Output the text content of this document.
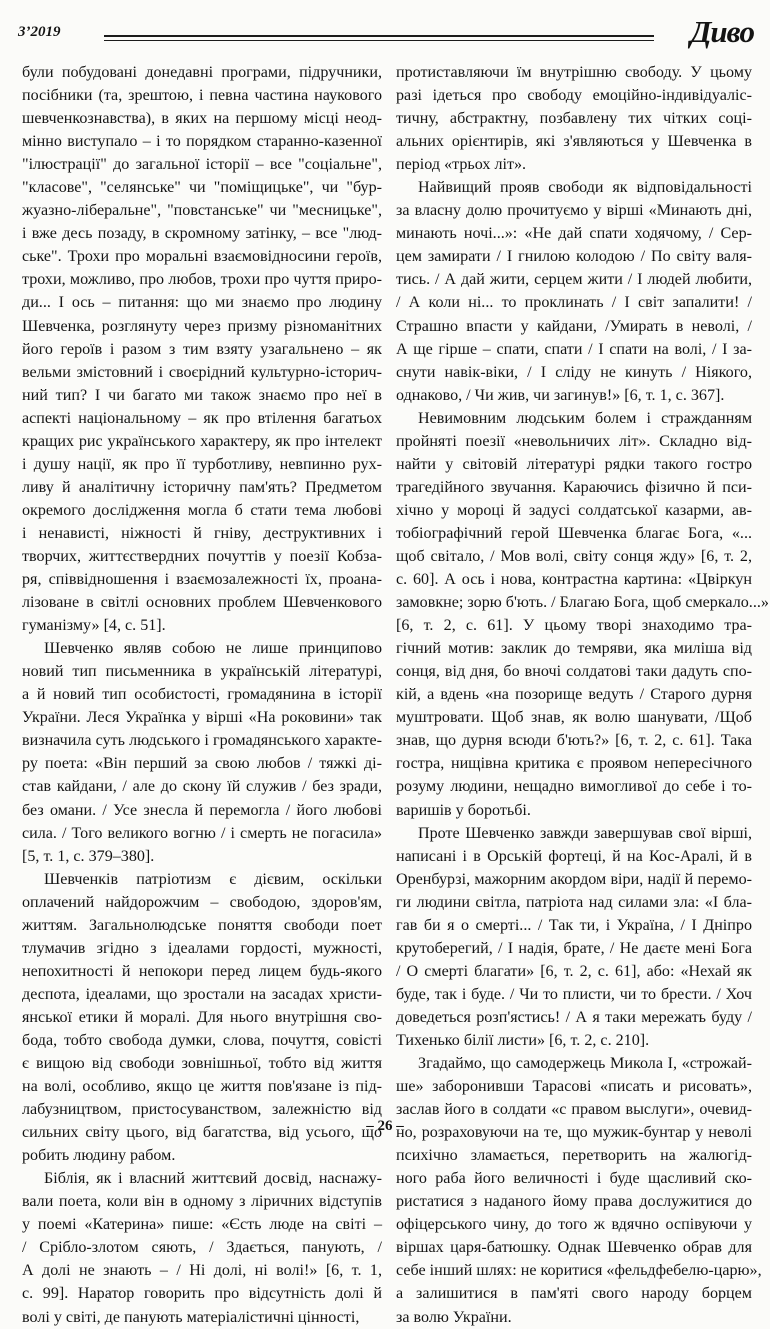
3’2019	Дивo

були побудовані донедавні програми, підручники,
посібники (та, зрештою, і певна частина наукового
шевченкознавства), в яких на першому місці неод-
мінно виступало – і то порядком старанно-казенної
"ілюстрації" до загальної історії – все "соціальне",
"класове", "селянське" чи "поміщицьке", чи "бур-
жуазно-ліберальне", "повстанське" чи "месницьке",
і вже десь позаду, в скромному затінку, – все "люд-
ське". Трохи про моральні взаємовідносини героїв,
трохи, можливо, про любов, трохи про чуття приро-
ди... І ось – питання: що ми знаємо про людину
Шевченка, розглянуту через призму різноманітних
його героїв і разом з тим взяту узагальнено – як
вельми змістовний і своєрідний культурно-історич-
ний тип? І чи багато ми також знаємо про неї в
аспекті національному – як про втілення багатьох
кращих рис українського характеру, як про інтелект
і душу нації, як про її турботливу, невпинно рух-
ливу й аналітичну історичну пам'ять? Предметом
окремого дослідження могла б стати тема любові
і ненависті, ніжності й гніву, деструктивних і
творчих, життєствердних почуттів у поезії Кобза-
ря, співвідношення і взаємозалежності їх, проана-
лізоване в світлі основних проблем Шевченкового
гуманізму» [4, с. 51].

Шевченко являв собою не лише принципово
новий тип письменника в українській літературі,
а й новий тип особистості, громадянина в історії
України. Леся Українка у вірші «На роковини» так
визначила суть людського і громадянського характе-
ру поета: «Він перший за свою любов / тяжкі ді-
став кайдани, / але до скону їй служив / без зради,
без омани. / Усе знесла й перемогла / його любові
сила. / Того великого вогню / і смерть не погасила»
[5, т. 1, с. 379–380].

Шевченків патріотизм є дієвим, оскільки
оплачений найдорожчим – свободою, здоров'ям,
життям. Загальнолюдське поняття свободи поет
тлумачив згідно з ідеалами гордості, мужності,
непохитності й непокори перед лицем будь-якого
деспота, ідеалами, що зростали на засадах христи-
янської етики й моралі. Для нього внутрішня сво-
бода, тобто свобода думки, слова, почуття, cовісті
є вищою від свободи зовнішньої, тобто від життя
на волі, особливо, якщо це життя пов'язане із під-
лабузництвом, пристосуванством, залежністю від
сильних світу цього, від багатства, від усього, що
робить людину рабом.

Біблія, як і власний життєвий досвід, наснажу-
вали поета, коли він в одному з ліричних відступів
у поемі «Катерина» пише: «Єсть люде на світі –
/ Срібло-злотом сяють, / Здається, панують, /
А долі не знають – / Ні долі, ні волі!» [6, т. 1,
с. 99]. Наратор говорить про відсутність долі й
волі у світі, де панують матеріалістичні цінності,

протиставляючи їм внутрішню свободу. У цьому
разі ідеться про свободу емоційно-індивідуаліс-
тичну, абстрактну, позбавлену тих чітких соці-
альних орієнтирів, які з'являються у Шевченка в
період «трьох літ».

Найвищий прояв свободи як відповідальності
за власну долю прочитуємо у вірші «Минають дні,
минають ночі...»: «Не дай спати ходячому, / Сер-
цем замирати / І гнилою колодою / По світу валя-
тись. / А дай жити, серцем жити / І людей любити,
/ А коли ні... то проклинать / І світ запалити! /
Страшно впасти у кайдани, /Умирать в неволі, /
А ще гірше – спати, спати / І спати на волі, / І за-
снути навік-віки, / І сліду не кинуть / Ніякого,
однаково, / Чи жив, чи загинув!» [6, т. 1, с. 367].

Невимовним людським болем і стражданням
пройняті поезії «невольничих літ». Складно від-
найти у світовій літературі рядки такого гостро
трагедійного звучання. Караючись фізично й пси-
хічно у мороці й задусі солдатської казарми, ав-
тобіографічний герой Шевченка благає Бога, «...
щоб світало, / Мов волі, світу сонця жду» [6, т. 2,
с. 60]. А ось і нова, контрастна картина: «Цвіркун
замовкне; зорю б'ють. / Благаю Бога, щоб смеркало...»
[6, т. 2, с. 61]. У цьому творі знаходимо тра-
гічний мотив: заклик до темряви, яка миліша від
сонця, від дня, бо вночі солдатові таки дадуть спо-
кій, а вдень «на позорище ведуть / Старого дурня
муштровати. Щоб знав, як волю шанувати, /Щоб
знав, що дурня всюди б'ють?» [6, т. 2, с. 61]. Така
гостра, нищівна критика є проявом непересічного
розуму людини, нещадно вимогливої до себе і то-
варишів у боротьбі.

Проте Шевченко завжди завершував свої вірші,
написані і в Орській фортеці, й на Кос-Аралі, й в
Оренбурзі, мажорним акордом віри, надії й перемо-
ги людини світла, патріота над силами зла: «І бла-
гав би я о смерті... / Так ти, і Україна, / І Дніпро
крутоберегий, / І надія, брате, / Не даєте мені Бога
/ О смерті благати» [6, т. 2, с. 61], або: «Нехай як
буде, так і буде. / Чи то плисти, чи то брести. / Хоч
доведеться розп'ястись! / А я таки мережать буду /
Тихенько білії листи» [6, т. 2, с. 210].

Згадаймо, що самодержець Микола І, «строжай-
ше» заборонивши Тарасові «писать и рисовать»,
заслав його в солдати «с правом выслуги», очевид-
но, розраховуючи на те, що мужик-бунтар у неволі
психічно зламається, перетворить на жалюгід-
ного раба його величності і буде щасливий ско-
ристатися з наданого йому права дослужитися до
офіцерського чину, до того ж вдячно оспівуючи у
віршах царя-батюшку. Однак Шевченко обрав для
себе інший шлях: не коритися «фельдфебелю-царю»,
а залишитися в пам'яті свого народу борцем
за волю України.

– 26 –
